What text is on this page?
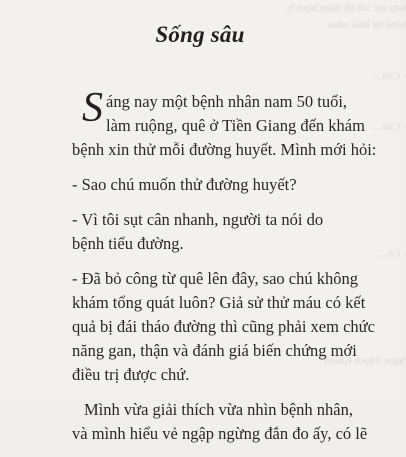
hợp sức với tất thảm bệnh lý
bệnh tật khác nhau
- Chú ...
- Chú ...
- Cô ...
Ngọc Thạch Khánh
Sống sâu

S áng nay một bệnh nhân nam 50 tuổi,
làm ruộng, quê ở Tiền Giang đến khám
bệnh xin thử mỗi đường huyết. Mình mới hỏi:

- Sao chú muốn thử đường huyết?

- Vì tôi sụt cân nhanh, người ta nói do
bệnh tiểu đường.

- Đã bỏ công từ quê lên đây, sao chú không
khám tổng quát luôn? Giả sử thử máu có kết
quả bị đái tháo đường thì cũng phải xem chức
năng gan, thận và đánh giá biến chứng mới
điều trị được chứ.

Mình vừa giải thích vừa nhìn bệnh nhân,
và mình hiểu vẻ ngập ngừng đắn đo ấy, có lẽ
